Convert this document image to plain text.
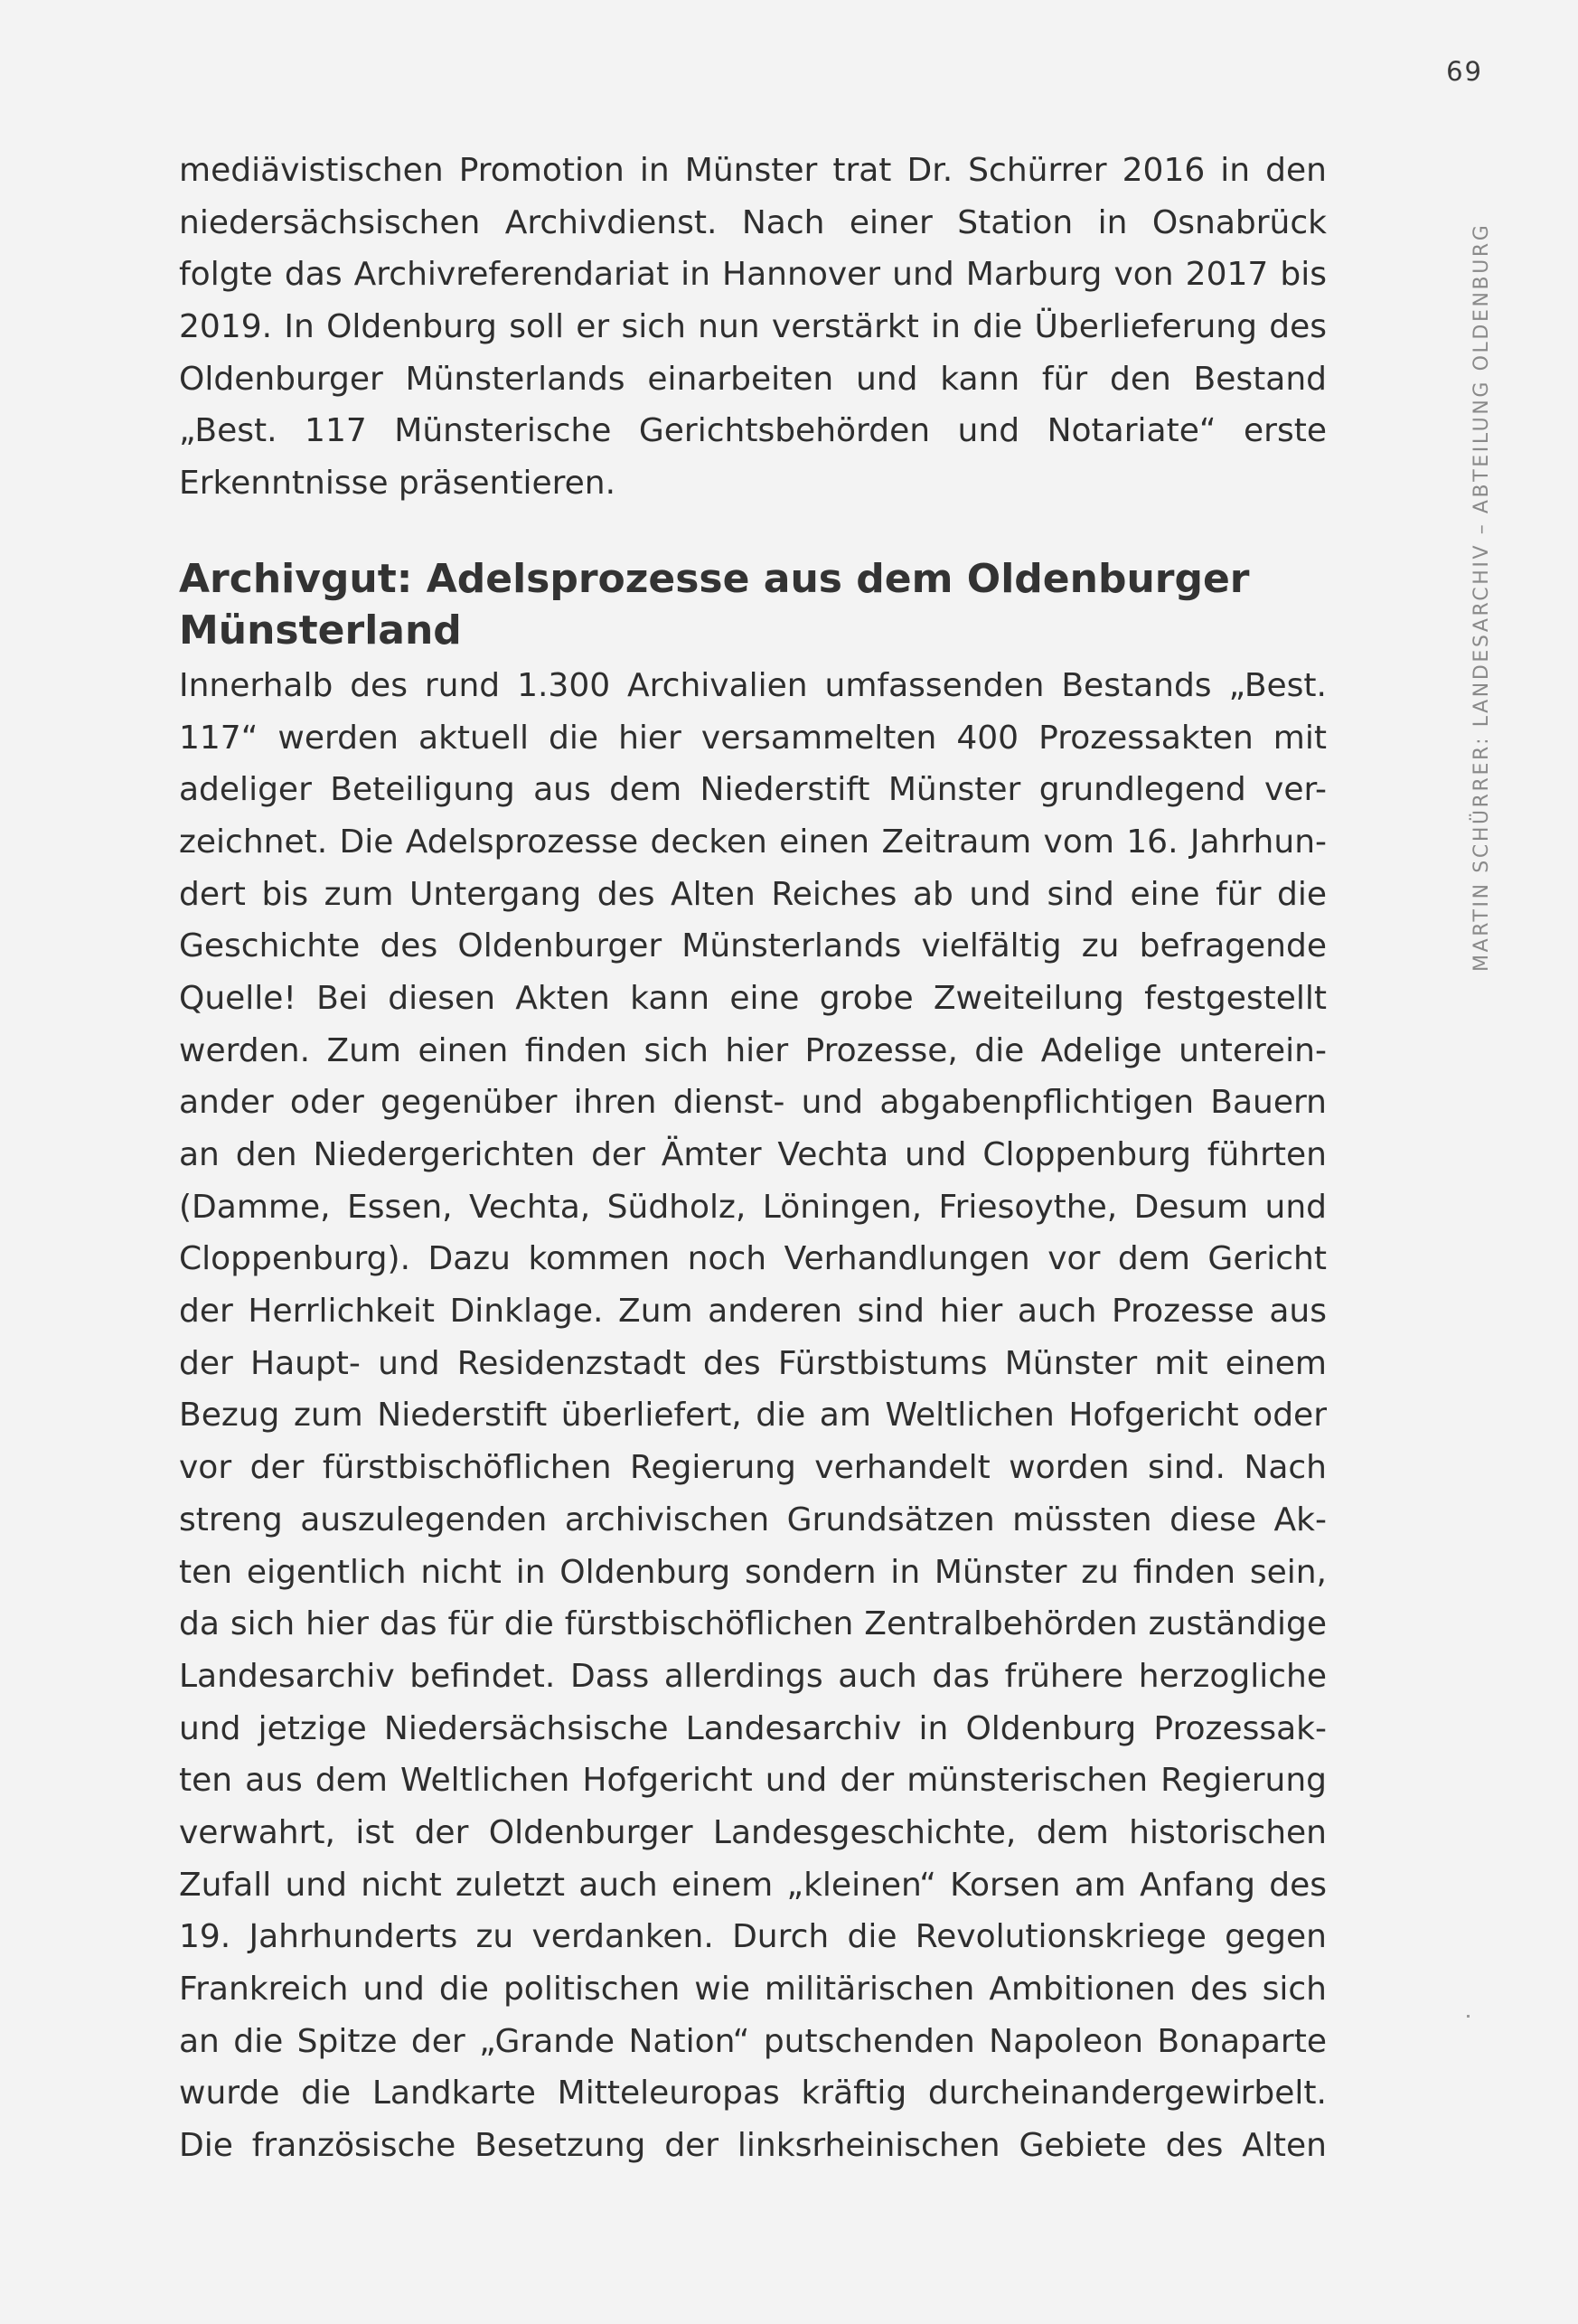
69
MARTIN SCHÜRRER: LANDESARCHIV – ABTEILUNG OLDENBURG
mediävistischen Promotion in Münster trat Dr. Schürrer 2016 in den
niedersächsischen Archivdienst. Nach einer Station in Osnabrück
folgte das Archivreferendariat in Hannover und Marburg von 2017 bis
2019. In Oldenburg soll er sich nun verstärkt in die Überlieferung des
Oldenburger Münsterlands einarbeiten und kann für den Bestand
„Best. 117 Münsterische Gerichtsbehörden und Notariate“ erste
Erkenntnisse präsentieren.
Archivgut: Adelsprozesse aus dem Oldenburger
Münsterland
Innerhalb des rund 1.300 Archivalien umfassenden Bestands „Best.
117“ werden aktuell die hier versammelten 400 Prozessakten mit
adeliger Beteiligung aus dem Niederstift Münster grundlegend ver-
zeichnet. Die Adelsprozesse decken einen Zeitraum vom 16. Jahrhun-
dert bis zum Untergang des Alten Reiches ab und sind eine für die
Geschichte des Oldenburger Münsterlands vielfältig zu befragende
Quelle! Bei diesen Akten kann eine grobe Zweiteilung festgestellt
werden. Zum einen finden sich hier Prozesse, die Adelige unterein-
ander oder gegenüber ihren dienst- und abgabenpflichtigen Bauern
an den Niedergerichten der Ämter Vechta und Cloppenburg führten
(Damme, Essen, Vechta, Südholz, Löningen, Friesoythe, Desum und
Cloppenburg). Dazu kommen noch Verhandlungen vor dem Gericht
der Herrlichkeit Dinklage. Zum anderen sind hier auch Prozesse aus
der Haupt- und Residenzstadt des Fürstbistums Münster mit einem
Bezug zum Niederstift überliefert, die am Weltlichen Hofgericht oder
vor der fürstbischöflichen Regierung verhandelt worden sind. Nach
streng auszulegenden archivischen Grundsätzen müssten diese Ak-
ten eigentlich nicht in Oldenburg sondern in Münster zu finden sein,
da sich hier das für die fürstbischöflichen Zentralbehörden zuständige
Landesarchiv befindet. Dass allerdings auch das frühere herzogliche
und jetzige Niedersächsische Landesarchiv in Oldenburg Prozessak-
ten aus dem Weltlichen Hofgericht und der münsterischen Regierung
verwahrt, ist der Oldenburger Landesgeschichte, dem historischen
Zufall und nicht zuletzt auch einem „kleinen“ Korsen am Anfang des
19. Jahrhunderts zu verdanken. Durch die Revolutionskriege gegen
Frankreich und die politischen wie militärischen Ambitionen des sich
an die Spitze der „Grande Nation“ putschenden Napoleon Bonaparte
wurde die Landkarte Mitteleuropas kräftig durcheinandergewirbelt.
Die französische Besetzung der linksrheinischen Gebiete des Alten
